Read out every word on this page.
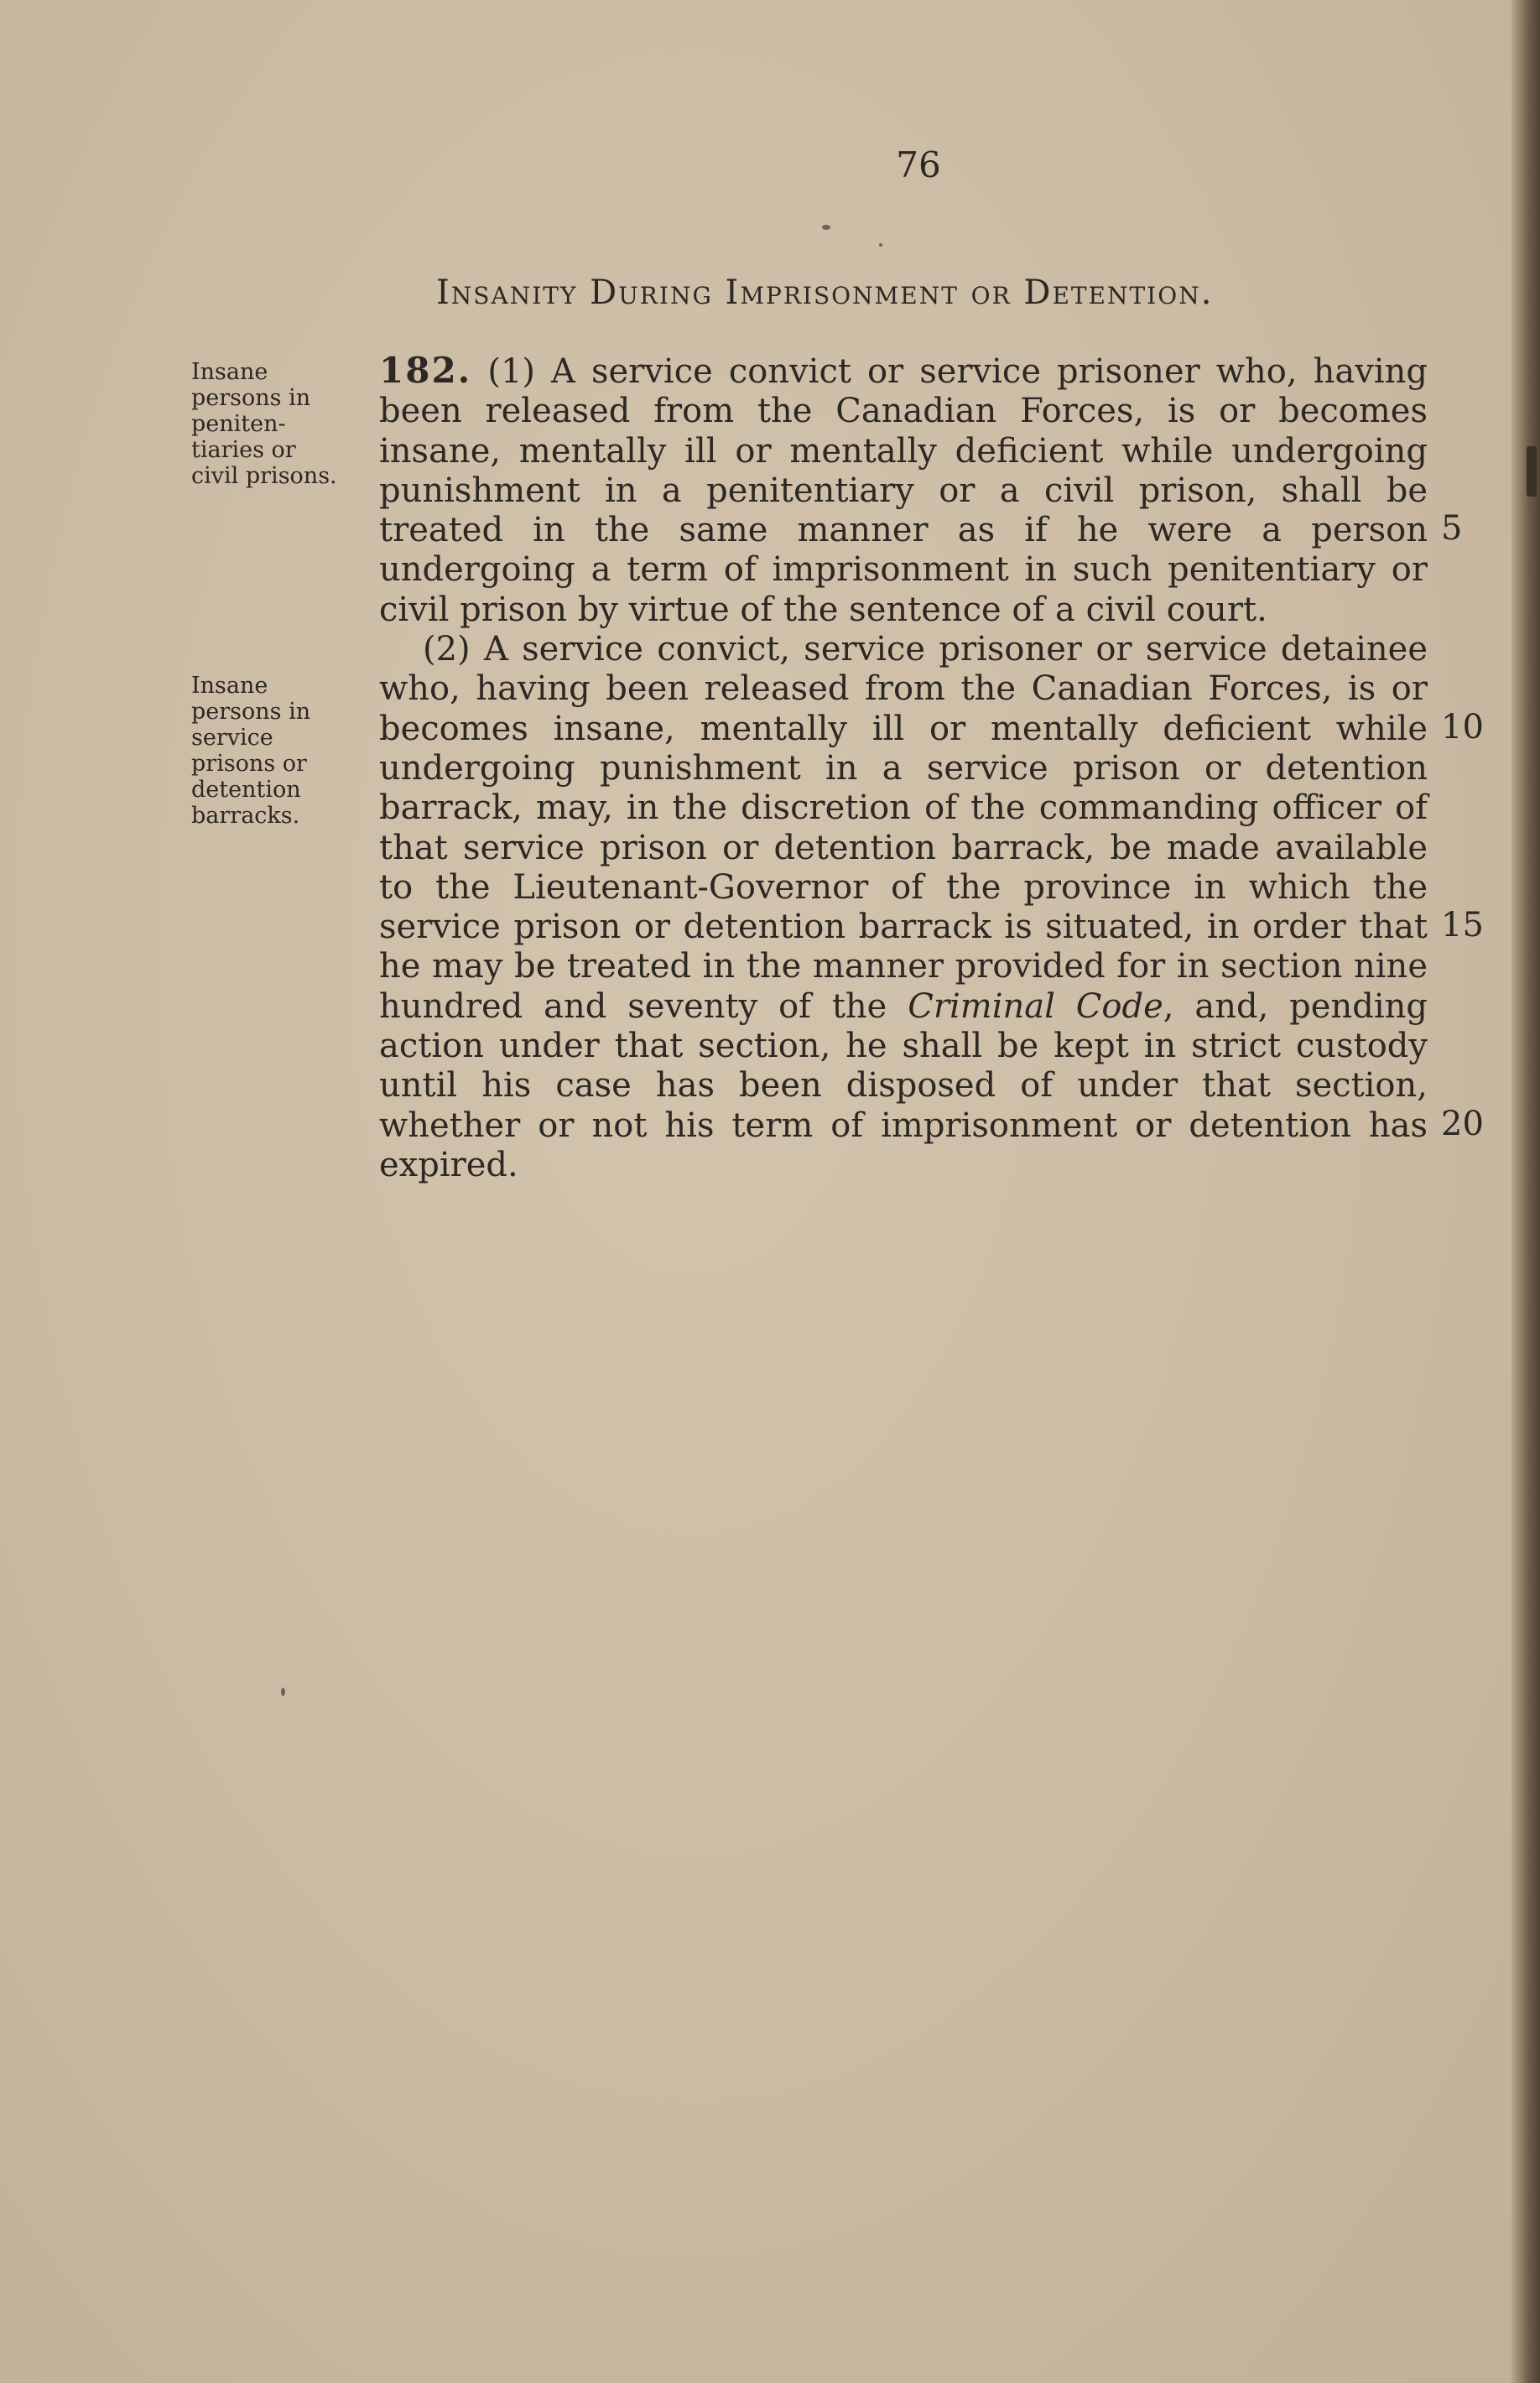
76
Insanity During Imprisonment or Detention.
Insane persons in peniten- tiaries or civil prisons.
Insane persons in service prisons or detention barracks.

182. (1) A service convict or service prisoner who, having been released from the Canadian Forces, is or becomes insane, mentally ill or mentally deficient while undergoing punishment in a penitentiary or a civil prison, shall be treated in the same manner as if he were a person undergoing a term of imprisonment in such penitentiary or civil prison by virtue of the sentence of a civil court.

(2) A service convict, service prisoner or service detainee who, having been released from the Canadian Forces, is or becomes insane, mentally ill or mentally deficient while undergoing punishment in a service prison or detention barrack, may, in the discretion of the commanding officer of that service prison or detention barrack, be made available to the Lieutenant-Governor of the province in which the service prison or detention barrack is situated, in order that he may be treated in the manner provided for in section nine hundred and seventy of the Criminal Code, and, pending action under that section, he shall be kept in strict custody until his case has been disposed of under that section, whether or not his term of imprisonment or detention has expired.

5
10
15
20
